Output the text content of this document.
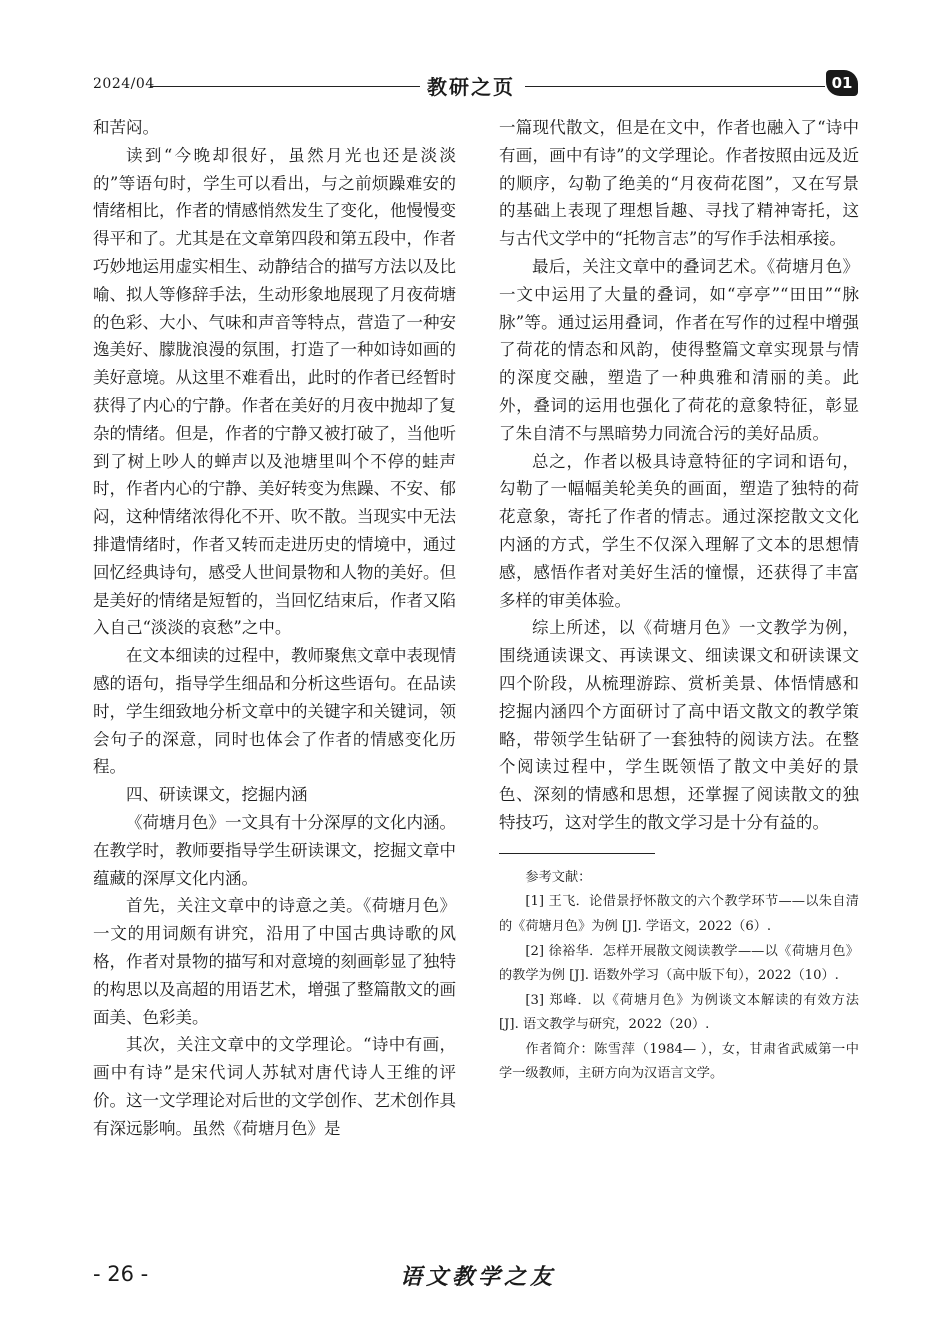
2024/04	教研之页	01

和苦闷。

读到“今晚却很好，虽然月光也还是淡淡的”等语句时，学生可以看出，与之前烦躁难安的情绪相比，作者的情感悄然发生了变化，他慢慢变得平和了。尤其是在文章第四段和第五段中，作者巧妙地运用虚实相生、动静结合的描写方法以及比喻、拟人等修辞手法，生动形象地展现了月夜荷塘的色彩、大小、气味和声音等特点，营造了一种安逸美好、朦胧浪漫的氛围，打造了一种如诗如画的美好意境。从这里不难看出，此时的作者已经暂时获得了内心的宁静。作者在美好的月夜中抛却了复杂的情绪。但是，作者的宁静又被打破了，当他听到了树上吵人的蝉声以及池塘里叫个不停的蛙声时，作者内心的宁静、美好转变为焦躁、不安、郁闷，这种情绪浓得化不开、吹不散。当现实中无法排遣情绪时，作者又转而走进历史的情境中，通过回忆经典诗句，感受人世间景物和人物的美好。但是美好的情绪是短暂的，当回忆结束后，作者又陷入自己“淡淡的哀愁”之中。

在文本细读的过程中，教师聚焦文章中表现情感的语句，指导学生细品和分析这些语句。在品读时，学生细致地分析文章中的关键字和关键词，领会句子的深意，同时也体会了作者的情感变化历程。

四、研读课文，挖掘内涵

《荷塘月色》一文具有十分深厚的文化内涵。在教学时，教师要指导学生研读课文，挖掘文章中蕴藏的深厚文化内涵。

首先，关注文章中的诗意之美。《荷塘月色》一文的用词颇有讲究，沿用了中国古典诗歌的风格，作者对景物的描写和对意境的刻画彰显了独特的构思以及高超的用语艺术，增强了整篇散文的画面美、色彩美。

其次，关注文章中的文学理论。“诗中有画，画中有诗”是宋代词人苏轼对唐代诗人王维的评价。这一文学理论对后世的文学创作、艺术创作具有深远影响。虽然《荷塘月色》是

一篇现代散文，但是在文中，作者也融入了“诗中有画，画中有诗”的文学理论。作者按照由远及近的顺序，勾勒了绝美的“月夜荷花图”，又在写景的基础上表现了理想旨趣、寻找了精神寄托，这与古代文学中的“托物言志”的写作手法相承接。

最后，关注文章中的叠词艺术。《荷塘月色》一文中运用了大量的叠词，如“亭亭”“田田”“脉脉”等。通过运用叠词，作者在写作的过程中增强了荷花的情态和风韵，使得整篇文章实现景与情的深度交融，塑造了一种典雅和清丽的美。此外，叠词的运用也强化了荷花的意象特征，彰显了朱自清不与黑暗势力同流合污的美好品质。

总之，作者以极具诗意特征的字词和语句，勾勒了一幅幅美轮美奂的画面，塑造了独特的荷花意象，寄托了作者的情志。通过深挖散文文化内涵的方式，学生不仅深入理解了文本的思想情感，感悟作者对美好生活的憧憬，还获得了丰富多样的审美体验。

综上所述，以《荷塘月色》一文教学为例，围绕通读课文、再读课文、细读课文和研读课文四个阶段，从梳理游踪、赏析美景、体悟情感和挖掘内涵四个方面研讨了高中语文散文的教学策略，带领学生钻研了一套独特的阅读方法。在整个阅读过程中，学生既领悟了散文中美好的景色、深刻的情感和思想，还掌握了阅读散文的独特技巧，这对学生的散文学习是十分有益的。

参考文献：

[1] 王飞．论借景抒怀散文的六个教学环节——以朱自清的《荷塘月色》为例 [J]. 学语文，2022（6）.

[2] 徐裕华．怎样开展散文阅读教学——以《荷塘月色》的教学为例 [J]. 语数外学习（高中版下旬），2022（10）.

[3] 郑峰．以《荷塘月色》为例谈文本解读的有效方法 [J]. 语文教学与研究，2022（20）.

作者简介：陈雪萍（1984— ），女，甘肃省武威第一中学一级教师，主研方向为汉语言文学。

- 26 -	语文教学之友
